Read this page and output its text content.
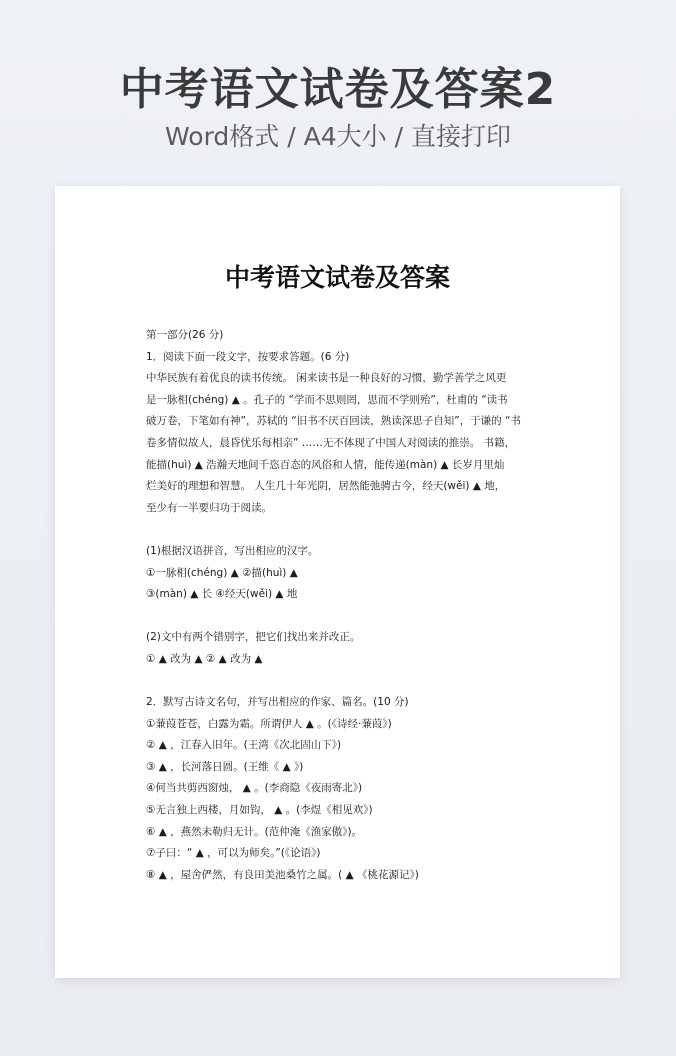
中考语文试卷及答案2
Word格式 / A4大小 / 直接打印
中考语文试卷及答案
第一部分(26 分)
1．阅读下面一段文字，按要求答题。(6 分)
中华民族有着优良的读书传统。 闲来读书是一种良好的习惯，勤学善学之风更
是一脉相(chéng) ▲ 。孔子的 “学而不思则罔，思而不学则殆”，杜甫的 “读书
破万卷，下笔如有神”，苏轼的 “旧书不厌百回读，熟读深思子自知”，于谦的 “书
卷多情似故人，晨昏忧乐每相亲” ……无不体现了中国人对阅读的推崇。 书籍，
能描(huì) ▲ 浩瀚天地间千恣百态的风俗和人情，能传递(màn) ▲ 长岁月里灿
烂美好的理想和智慧。 人生几十年光阴，居然能弛骋古今，经天(wěi) ▲ 地，
至少有一半要归功于阅读。
(1)根据汉语拼音，写出相应的汉字。
①一脉相(chéng) ▲ ②描(huì) ▲
③(màn) ▲ 长 ④经天(wěi) ▲ 地
(2)文中有两个错别字，把它们找出来并改正。
① ▲ 改为 ▲ ② ▲ 改为 ▲
2．默写古诗文名句，并写出相应的作家、篇名。(10 分)
①蒹葭苍苍，白露为霜。所谓伊人 ▲ 。(《诗经·蒹葭》)
② ▲ ，江春入旧年。(王湾《次北固山下》)
③ ▲ ，长河落日圆。(王维《 ▲ 》)
④何当共剪西窗烛， ▲ 。(李商隐《夜雨寄北》)
⑤无言独上西楼，月如钩， ▲ 。(李煜《相见欢》)
⑥ ▲ ，燕然未勒归无计。(范仲淹《渔家傲》)。
⑦子曰：“ ▲ ，可以为师矣。”(《论语》)
⑧ ▲ ，屋舍俨然，有良田美池桑竹之属。( ▲ 《桃花源记》)
